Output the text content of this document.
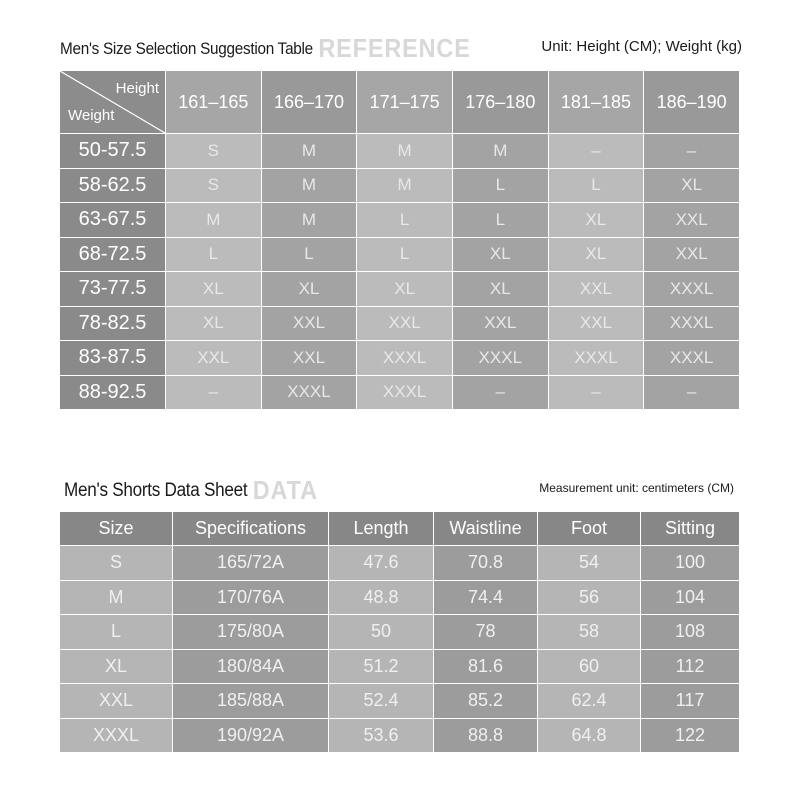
Men's Size Selection Suggestion Table REFERENCE	Unit: Height (CM); Weight (kg)
Height
Weight	161–165	166–170	171–175	176–180	181–185	186–190
50-57.5	S	M	M	M	–	–
58-62.5	S	M	M	L	L	XL
63-67.5	M	M	L	L	XL	XXL
68-72.5	L	L	L	XL	XL	XXL
73-77.5	XL	XL	XL	XL	XXL	XXXL
78-82.5	XL	XXL	XXL	XXL	XXL	XXXL
83-87.5	XXL	XXL	XXXL	XXXL	XXXL	XXXL
88-92.5	–	XXXL	XXXL	–	–	–
Men's Shorts Data Sheet DATA	Measurement unit: centimeters (CM)
Size	Specifications	Length	Waistline	Foot	Sitting
S	165/72A	47.6	70.8	54	100
M	170/76A	48.8	74.4	56	104
L	175/80A	50	78	58	108
XL	180/84A	51.2	81.6	60	112
XXL	185/88A	52.4	85.2	62.4	117
XXXL	190/92A	53.6	88.8	64.8	122
